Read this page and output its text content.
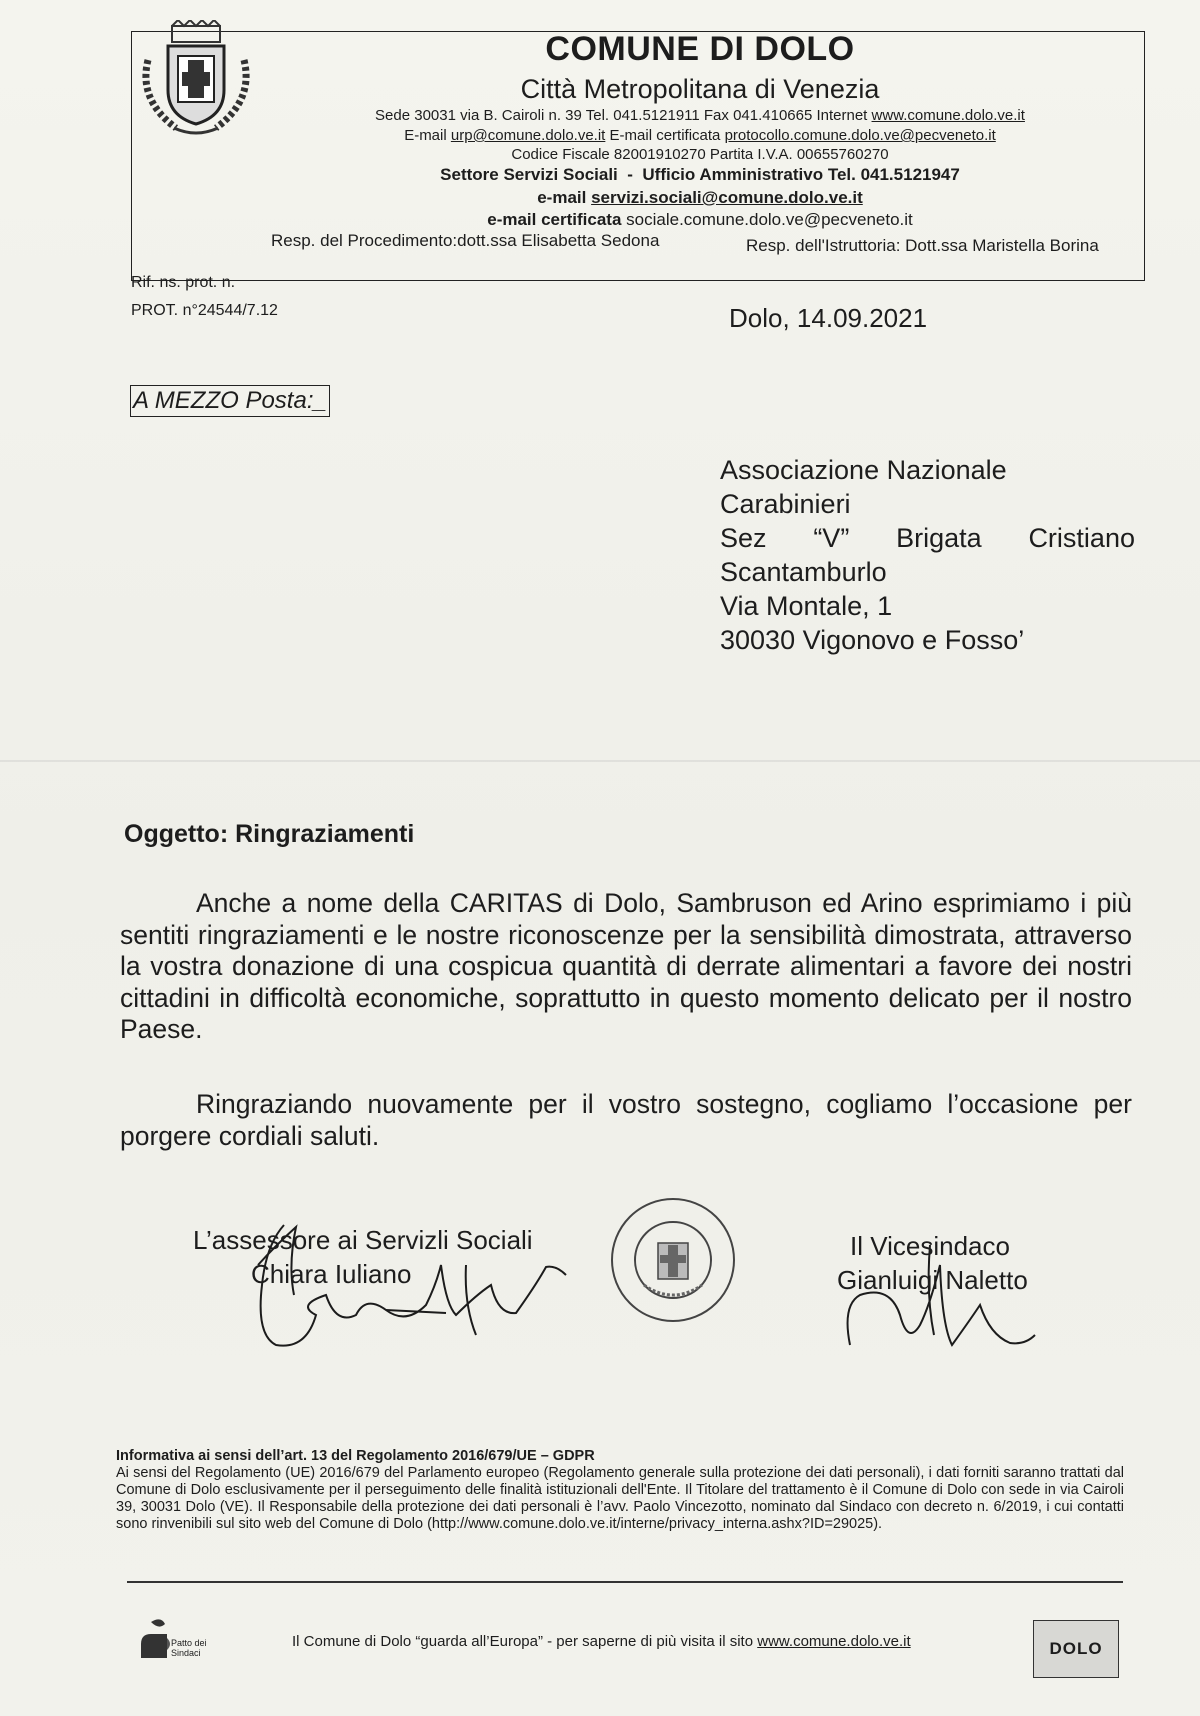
COMUNE DI DOLO
Città Metropolitana di Venezia
Sede 30031 via B. Cairoli n. 39 Tel. 041.5121911 Fax 041.410665 Internet www.comune.dolo.ve.it
E-mail urp@comune.dolo.ve.it E-mail certificata protocollo.comune.dolo.ve@pecveneto.it
Codice Fiscale 82001910270 Partita I.V.A. 00655760270
Settore Servizi Sociali - Ufficio Amministrativo Tel. 041.5121947
e-mail servizi.sociali@comune.dolo.ve.it
e-mail certificata sociale.comune.dolo.ve@pecveneto.it
Resp. del Procedimento:dott.ssa Elisabetta Sedona	Resp. dell'Istruttoria: Dott.ssa Maristella Borina
Rif. ns. prot. n.
PROT. n°24544/7.12	Dolo, 14.09.2021
A MEZZO Posta:_
Associazione Nazionale
Carabinieri
Sez “V” Brigata Cristiano
Scantamburlo
Via Montale, 1
30030 Vigonovo e Fosso’
Oggetto: Ringraziamenti
Anche a nome della CARITAS di Dolo, Sambruson ed Arino esprimiamo i più sentiti ringraziamenti e le nostre riconoscenze per la sensibilità dimostrata, attraverso la vostra donazione di una cospicua quantità di derrate alimentari a favore dei nostri cittadini in difficoltà economiche, soprattutto in questo momento delicato per il nostro Paese.
Ringraziando nuovamente per il vostro sostegno, cogliamo l’occasione per porgere cordiali saluti.
L’assessore ai Servizli Sociali
Chiara Iuliano
Il Vicesindaco
Gianluigi Naletto
Informativa ai sensi dell’art. 13 del Regolamento 2016/679/UE – GDPR
Ai sensi del Regolamento (UE) 2016/679 del Parlamento europeo (Regolamento generale sulla protezione dei dati personali), i dati forniti saranno trattati dal Comune di Dolo esclusivamente per il perseguimento delle finalità istituzionali dell'Ente. Il Titolare del trattamento è il Comune di Dolo con sede in via Cairoli 39, 30031 Dolo (VE). Il Responsabile della protezione dei dati personali è l’avv. Paolo Vincezotto, nominato dal Sindaco con decreto n. 6/2019, i cui contatti sono rinvenibili sul sito web del Comune di Dolo (http://www.comune.dolo.ve.it/interne/privacy_interna.ashx?ID=29025).
Patto dei Sindaci
Il Comune di Dolo “guarda all’Europa” - per saperne di più visita il sito www.comune.dolo.ve.it	DOLO
